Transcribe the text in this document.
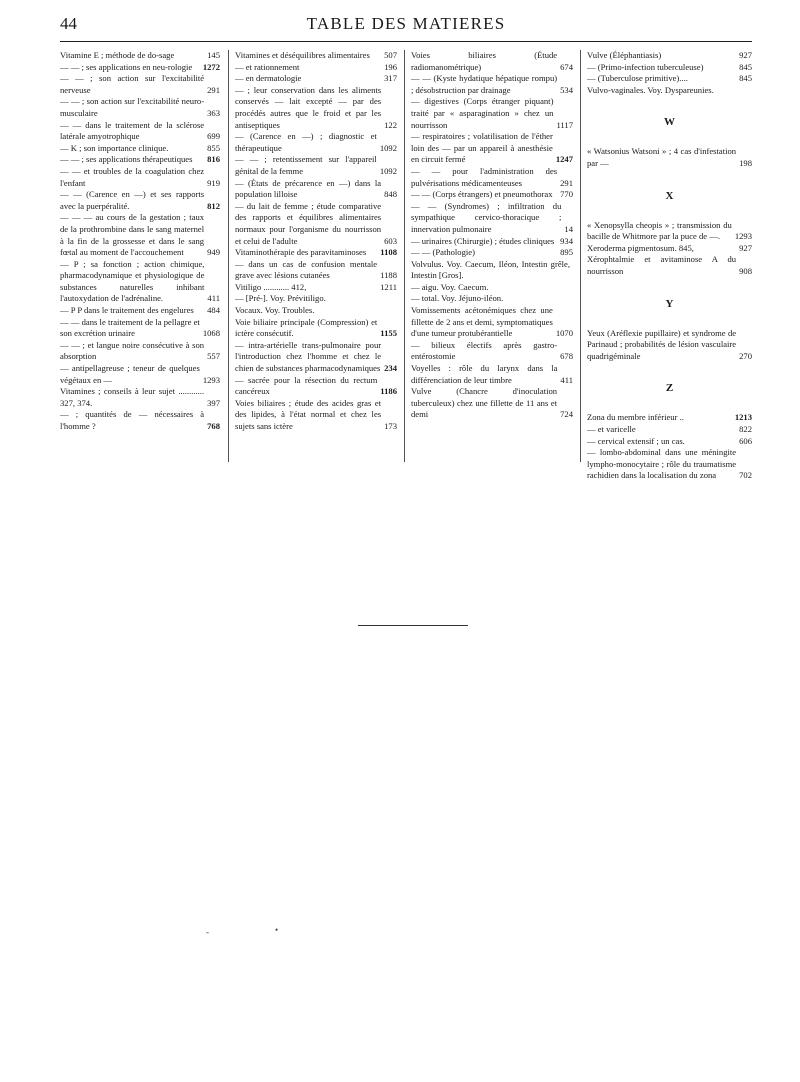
44	TABLE DES MATIERES
Vitamine E ; méthode de do-sage	145
— — ; ses applications en neu-rologie	1272
— — ; son action sur l'excitabilité nerveuse	291
— — ; son action sur l'excitabilité neuro-musculaire	363
— — dans le traitement de la sclérose latérale amyotrophique	699
— K ; son importance clinique.	855
— — ; ses applications thérapeutiques	816
— — et troubles de la coagulation chez l'enfant	919
— — (Carence en —) et ses rapports avec la puerpéralité.	812
— — — au cours de la gestation ; taux de la prothrombine dans le sang maternel à la fin de la grossesse et dans le sang fœtal au moment de l'accouchement	949
— P ; sa fonction ; action chimique, pharmacodynamique et physiologique de substances naturelles inhibant l'autoxydation de l'adrénaline.	411
— P P dans le traitement des engelures	484
— — dans le traitement de la pellagre et son excrétion urinaire	1068
— — ; et langue noire consécutive à son absorption	557
— antipellagreuse ; teneur de quelques végétaux en —	1293
Vitamines ; conseils à leur sujet ............ 327, 374.	397
— ; quantités de — nécessaires à l'homme ?	768
Vitamines et déséquilibres alimentaires	507
— et rationnement	196
— en dermatologie	317
— ; leur conservation dans les aliments conservés — lait excepté — par des procédés autres que le froid et par les antiseptiques	122
— (Carence en —) ; diagnostic et thérapeutique	1092
— — ; retentissement sur l'appareil génital de la femme	1092
— (États de précarence en —) dans la population lilloise	848
— du lait de femme ; étude comparative des rapports et équilibres alimentaires normaux pour l'organisme du nourrisson et celui de l'adulte	603
Vitaminothérapie des paravitaminoses	1108
— dans un cas de confusion mentale grave avec lésions cutanées	1188
Vitiligo ............ 412,	1211
— [Pré-]. Voy. Prévitiligo.
Vocaux. Voy. Troubles.
Voie biliaire principale (Compression) et ictère consécutif.	1155
— intra-artérielle trans-pulmonaire pour l'introduction chez l'homme et chez le chien de substances pharmacodynamiques 234
— sacrée pour la résection du rectum cancéreux	1186
Voies biliaires ; étude des acides gras et des lipides, à l'état normal et chez les sujets sans ictère	173
Voies biliaires (Étude radiomanométrique)	674
— — (Kyste hydatique hépatique rompu) ; désobstruction par drainage	534
— digestives (Corps étranger piquant) traité par « asparagination » chez un nourrisson	1117
— respiratoires ; volatilisation de l'éther loin des — par un appareil à anesthésie en circuit fermé	1247
— — pour l'administration des pulvérisations médicamenteuses	291
— — (Corps étrangers) et pneumothorax 770
— — (Syndromes) ; infiltration du sympathique cervico-thoracique ; innervation pulmonaire	14
— urinaires (Chirurgie) ; études cliniques 934
— — (Pathologie)	895
Volvulus. Voy. Caecum, Iléon, Intestin grêle, Intestin [Gros].
— aigu. Voy. Caecum.
— total. Voy. Jéjuno-iléon.
Vomissements acétonémiques chez une fillette de 2 ans et demi, symptomatiques d'une tumeur protubérantielle	1070
— bilieux électifs après gastro-entérostomie	678
Voyelles : rôle du larynx dans la différenciation de leur timbre	411
Vulve (Chancre d'inoculation tuberculeux) chez une fillette de 11 ans et demi	724
Vulve (Éléphantiasis)	927
— (Primo-infection tuberculeuse)	845
— (Tuberculose primitive)....	845
Vulvo-vaginales. Voy. Dyspareunies.
W
« Watsonius Watsoni » ; 4 cas d'infestation par —	198
X
« Xenopsylla cheopis » ; transmission du bacille de Whitmore par la puce de —.	1293
Xeroderma pigmentosum. 845,	927
Xérophtalmie et avitaminose A du nourrisson	908
Y
Yeux (Aréflexie pupillaire) et syndrome de Parinaud ; probabilités de lésion vasculaire quadrigéminale	270
Z
Zona du membre inférieur ..	1213
— et varicelle	822
— cervical extensif ; un cas.	606
— lombo-abdominal dans une méningite lympho-monocytaire ; rôle du traumatisme rachidien dans la localisation du zona	702
-	•
